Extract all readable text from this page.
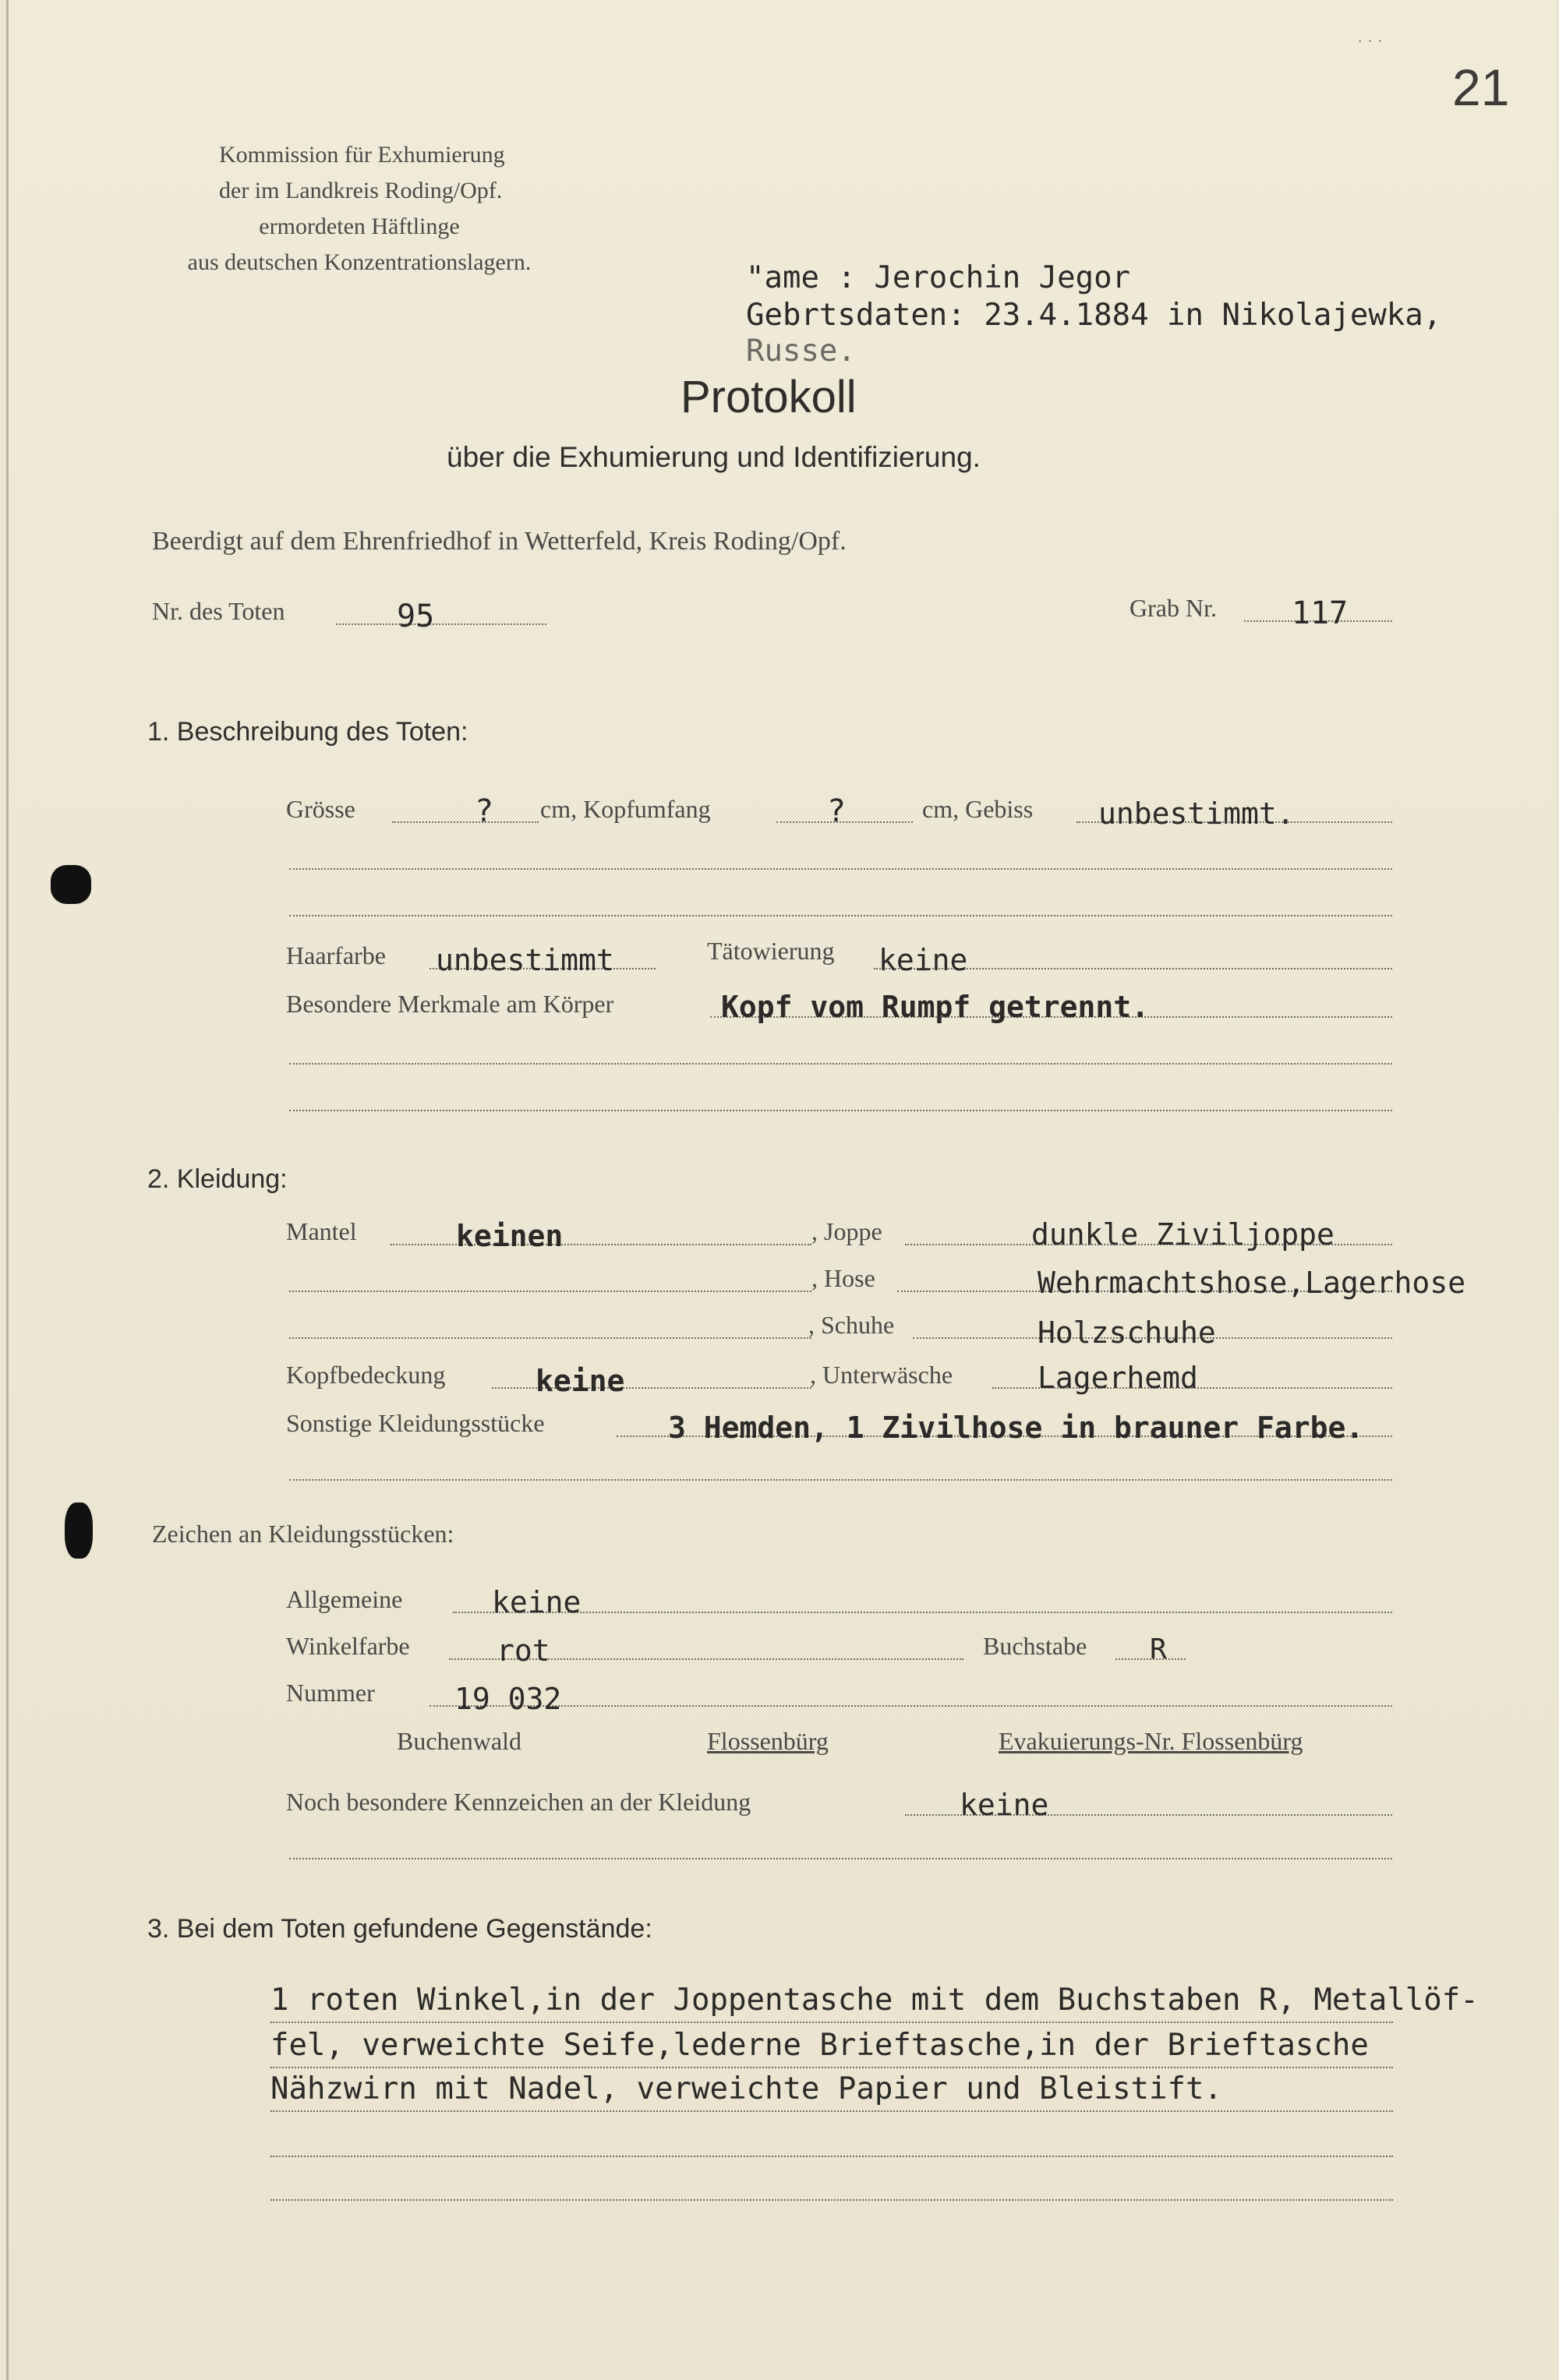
21
· · ·
Kommission für Exhumierung
der im Landkreis Roding/Opf.
ermordeten Häftlinge
aus deutschen Konzentrationslagern.	"ame : Jerochin Jegor
Gebrtsdaten: 23.4.1884 in Nikolajewka,
Russe.
Protokoll
über die Exhumierung und Identifizierung.
Beerdigt auf dem Ehrenfriedhof in Wetterfeld, Kreis Roding/Opf.
Nr. des Toten	95	Grab Nr. 117
1. Beschreibung des Toten:
Grösse	? cm, Kopfumfang	?	cm, Gebiss unbestimmt.
Haarfarbe unbestimmt	Tätowierung keine
Besondere Merkmale am Körper	Kopf vom Rumpf getrennt.
2. Kleidung:
Mantel	keinen	, Joppe	dunkle Ziviljoppe
, Hose	Wehrmachtshose,Lagerhose
, Schuhe	Holzschuhe
Kopfbedeckung	keine	, Unterwäsche	Lagerhemd
Sonstige Kleidungsstücke	3 Hemden, 1 Zivilhose in brauner Farbe.
Zeichen an Kleidungsstücken:
Allgemeine	keine
Winkelfarbe	rot	Buchstabe R
Nummer	19 032
Buchenwald	Flossenbürg	Evakuierungs-Nr. Flossenbürg
Noch besondere Kennzeichen an der Kleidung	keine
3. Bei dem Toten gefundene Gegenstände:
1 roten Winkel,in der Joppentasche mit dem Buchstaben R, Metallöf-
fel, verweichte Seife,lederne Brieftasche,in der Brieftasche
Nähzwirn mit Nadel, verweichte Papier und Bleistift.
